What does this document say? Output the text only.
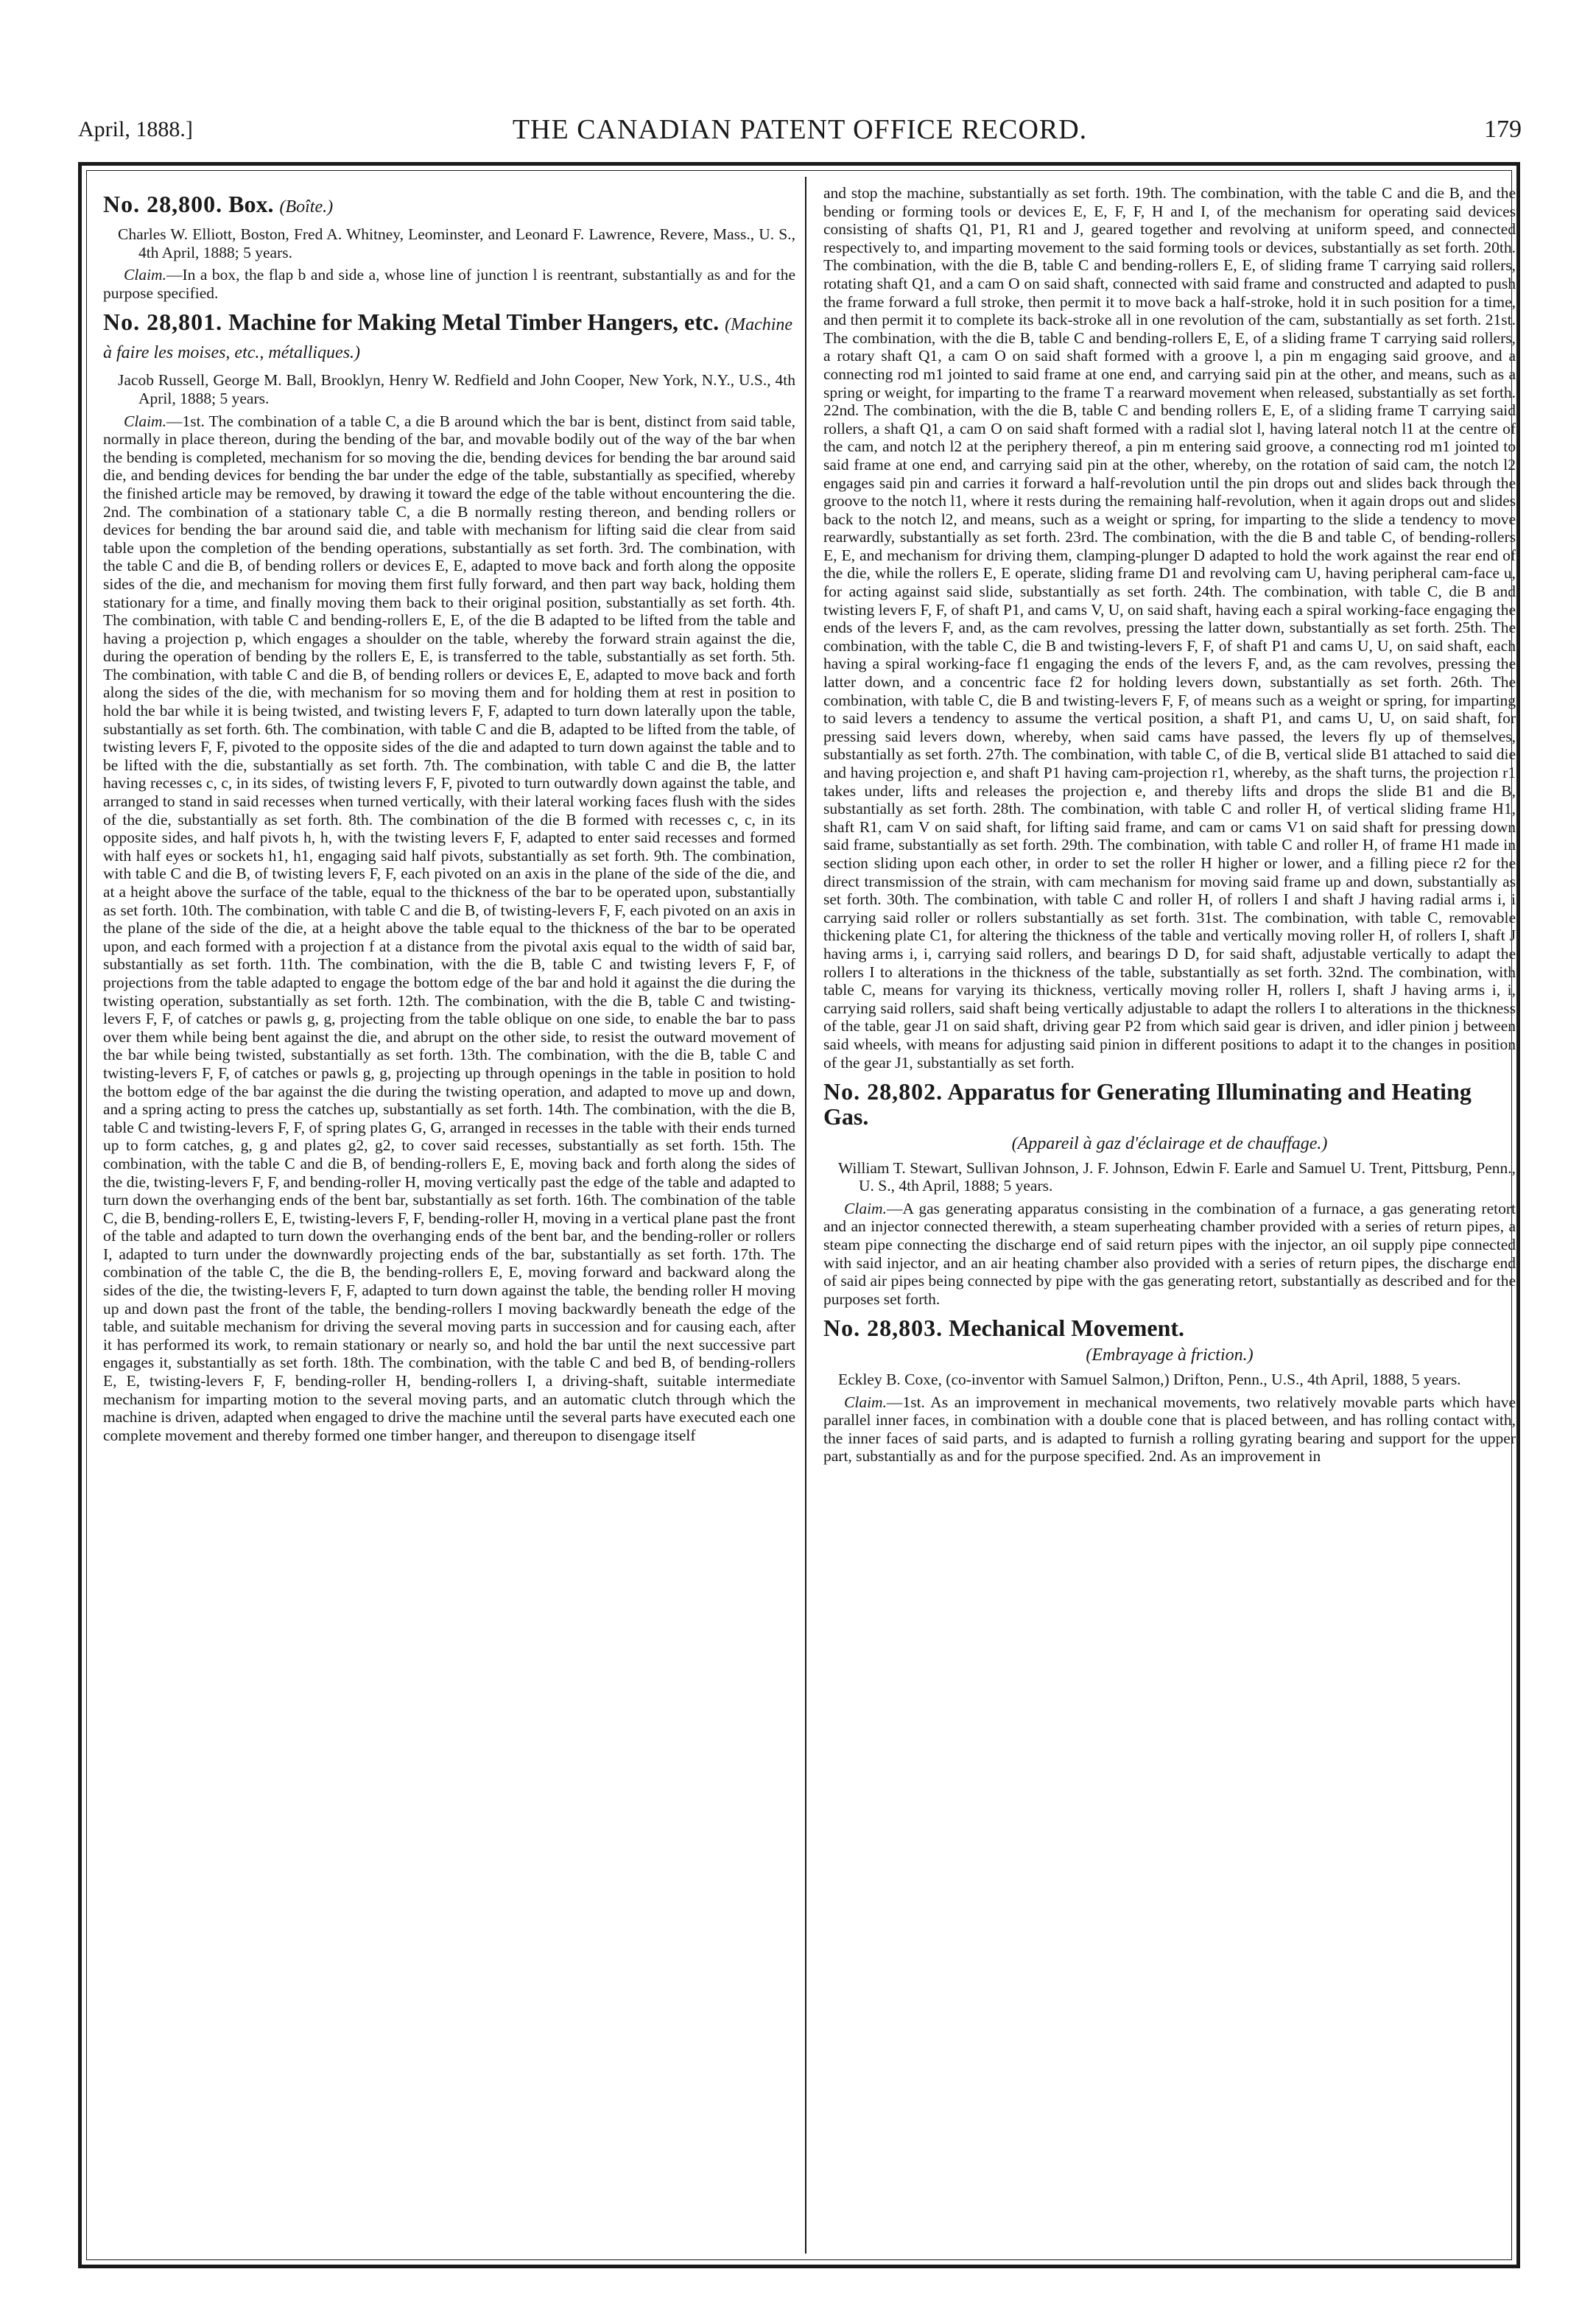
April, 1888.]	THE CANADIAN PATENT OFFICE RECORD.	179
No. 28,800. Box. (Boîte.)

Charles W. Elliott, Boston, Fred A. Whitney, Leominster, and Leonard F. Lawrence, Revere, Mass., U. S., 4th April, 1888; 5 years.

Claim.—In a box, the flap b and side a, whose line of junction l is reentrant, substantially as and for the purpose specified.

No. 28,801. Machine for Making Metal Timber Hangers, etc. (Machine à faire les moises, etc., métalliques.)

Jacob Russell, George M. Ball, Brooklyn, Henry W. Redfield and John Cooper, New York, N.Y., U.S., 4th April, 1888; 5 years.

Claim.—1st. The combination of a table C, a die B around which the bar is bent, distinct from said table, normally in place thereon, during the bending of the bar, and movable bodily out of the way of the bar when the bending is completed, mechanism for so moving the die, bending devices for bending the bar around said die, and bending devices for bending the bar under the edge of the table, substantially as specified, whereby the finished article may be removed, by drawing it toward the edge of the table without encountering the die. 2nd. The combination of a stationary table C, a die B normally resting thereon, and bending rollers or devices for bending the bar around said die, and table with mechanism for lifting said die clear from said table upon the completion of the bending operations, substantially as set forth. 3rd. The combination, with the table C and die B, of bending rollers or devices E, E, adapted to move back and forth along the opposite sides of the die, and mechanism for moving them first fully forward, and then part way back, holding them stationary for a time, and finally moving them back to their original position, substantially as set forth. 4th. The combination, with table C and bending-rollers E, E, of the die B adapted to be lifted from the table and having a projection p, which engages a shoulder on the table, whereby the forward strain against the die, during the operation of bending by the rollers E, E, is transferred to the table, substantially as set forth. 5th. The combination, with table C and die B, of bending rollers or devices E, E, adapted to move back and forth along the sides of the die, with mechanism for so moving them and for holding them at rest in position to hold the bar while it is being twisted, and twisting levers F, F, adapted to turn down laterally upon the table, substantially as set forth. 6th. The combination, with table C and die B, adapted to be lifted from the table, of twisting levers F, F, pivoted to the opposite sides of the die and adapted to turn down against the table and to be lifted with the die, substantially as set forth. 7th. The combination, with table C and die B, the latter having recesses c, c, in its sides, of twisting levers F, F, pivoted to turn outwardly down against the table, and arranged to stand in said recesses when turned vertically, with their lateral working faces flush with the sides of the die, substantially as set forth. 8th. The combination of the die B formed with recesses c, c, in its opposite sides, and half pivots h, h, with the twisting levers F, F, adapted to enter said recesses and formed with half eyes or sockets h1, h1, engaging said half pivots, substantially as set forth. 9th. The combination, with table C and die B, of twisting levers F, F, each pivoted on an axis in the plane of the side of the die, and at a height above the surface of the table, equal to the thickness of the bar to be operated upon, substantially as set forth. 10th. The combination, with table C and die B, of twisting-levers F, F, each pivoted on an axis in the plane of the side of the die, at a height above the table equal to the thickness of the bar to be operated upon, and each formed with a projection f at a distance from the pivotal axis equal to the width of said bar, substantially as set forth. 11th. The combination, with the die B, table C and twisting levers F, F, of projections from the table adapted to engage the bottom edge of the bar and hold it against the die during the twisting operation, substantially as set forth. 12th. The combination, with the die B, table C and twisting-levers F, F, of catches or pawls g, g, projecting from the table oblique on one side, to enable the bar to pass over them while being bent against the die, and abrupt on the other side, to resist the outward movement of the bar while being twisted, substantially as set forth. 13th. The combination, with the die B, table C and twisting-levers F, F, of catches or pawls g, g, projecting up through openings in the table in position to hold the bottom edge of the bar against the die during the twisting operation, and adapted to move up and down, and a spring acting to press the catches up, substantially as set forth. 14th. The combination, with the die B, table C and twisting-levers F, F, of spring plates G, G, arranged in recesses in the table with their ends turned up to form catches, g, g and plates g2, g2, to cover said recesses, substantially as set forth. 15th. The combination, with the table C and die B, of bending-rollers E, E, moving back and forth along the sides of the die, twisting-levers F, F, and bending-roller H, moving vertically past the edge of the table and adapted to turn down the overhanging ends of the bent bar, substantially as set forth. 16th. The combination of the table C, die B, bending-rollers E, E, twisting-levers F, F, bending-roller H, moving in a vertical plane past the front of the table and adapted to turn down the overhanging ends of the bent bar, and the bending-roller or rollers I, adapted to turn under the downwardly projecting ends of the bar, substantially as set forth. 17th. The combination of the table C, the die B, the bending-rollers E, E, moving forward and backward along the sides of the die, the twisting-levers F, F, adapted to turn down against the table, the bending roller H moving up and down past the front of the table, the bending-rollers I moving backwardly beneath the edge of the table, and suitable mechanism for driving the several moving parts in succession and for causing each, after it has performed its work, to remain stationary or nearly so, and hold the bar until the next successive part engages it, substantially as set forth. 18th. The combination, with the table C and bed B, of bending-rollers E, E, twisting-levers F, F, bending-roller H, bending-rollers I, a driving-shaft, suitable intermediate mechanism for imparting motion to the several moving parts, and an automatic clutch through which the machine is driven, adapted when engaged to drive the machine until the several parts have executed each one complete movement and thereby formed one timber hanger, and thereupon to disengage itself

and stop the machine, substantially as set forth. 19th. The combination, with the table C and die B, and the bending or forming tools or devices E, E, F, F, H and I, of the mechanism for operating said devices consisting of shafts Q1, P1, R1 and J, geared together and revolving at uniform speed, and connected respectively to, and imparting movement to the said forming tools or devices, substantially as set forth. 20th. The combination, with the die B, table C and bending-rollers E, E, of sliding frame T carrying said rollers, rotating shaft Q1, and a cam O on said shaft, connected with said frame and constructed and adapted to push the frame forward a full stroke, then permit it to move back a half-stroke, hold it in such position for a time, and then permit it to complete its back-stroke all in one revolution of the cam, substantially as set forth. 21st. The combination, with the die B, table C and bending-rollers E, E, of a sliding frame T carrying said rollers, a rotary shaft Q1, a cam O on said shaft formed with a groove l, a pin m engaging said groove, and a connecting rod m1 jointed to said frame at one end, and carrying said pin at the other, and means, such as a spring or weight, for imparting to the frame T a rearward movement when released, substantially as set forth. 22nd. The combination, with the die B, table C and bending rollers E, E, of a sliding frame T carrying said rollers, a shaft Q1, a cam O on said shaft formed with a radial slot l, having lateral notch l1 at the centre of the cam, and notch l2 at the periphery thereof, a pin m entering said groove, a connecting rod m1 jointed to said frame at one end, and carrying said pin at the other, whereby, on the rotation of said cam, the notch l2 engages said pin and carries it forward a half-revolution until the pin drops out and slides back through the groove to the notch l1, where it rests during the remaining half-revolution, when it again drops out and slides back to the notch l2, and means, such as a weight or spring, for imparting to the slide a tendency to move rearwardly, substantially as set forth. 23rd. The combination, with the die B and table C, of bending-rollers E, E, and mechanism for driving them, clamping-plunger D adapted to hold the work against the rear end of the die, while the rollers E, E operate, sliding frame D1 and revolving cam U, having peripheral cam-face u, for acting against said slide, substantially as set forth. 24th. The combination, with table C, die B and twisting levers F, F, of shaft P1, and cams V, U, on said shaft, having each a spiral working-face engaging the ends of the levers F, and, as the cam revolves, pressing the latter down, substantially as set forth. 25th. The combination, with the table C, die B and twisting-levers F, F, of shaft P1 and cams U, U, on said shaft, each having a spiral working-face f1 engaging the ends of the levers F, and, as the cam revolves, pressing the latter down, and a concentric face f2 for holding levers down, substantially as set forth. 26th. The combination, with table C, die B and twisting-levers F, F, of means such as a weight or spring, for imparting to said levers a tendency to assume the vertical position, a shaft P1, and cams U, U, on said shaft, for pressing said levers down, whereby, when said cams have passed, the levers fly up of themselves, substantially as set forth. 27th. The combination, with table C, of die B, vertical slide B1 attached to said die and having projection e, and shaft P1 having cam-projection r1, whereby, as the shaft turns, the projection r1 takes under, lifts and releases the projection e, and thereby lifts and drops the slide B1 and die B, substantially as set forth. 28th. The combination, with table C and roller H, of vertical sliding frame H1, shaft R1, cam V on said shaft, for lifting said frame, and cam or cams V1 on said shaft for pressing down said frame, substantially as set forth. 29th. The combination, with table C and roller H, of frame H1 made in section sliding upon each other, in order to set the roller H higher or lower, and a filling piece r2 for the direct transmission of the strain, with cam mechanism for moving said frame up and down, substantially as set forth. 30th. The combination, with table C and roller H, of rollers I and shaft J having radial arms i, i carrying said roller or rollers substantially as set forth. 31st. The combination, with table C, removable thickening plate C1, for altering the thickness of the table and vertically moving roller H, of rollers I, shaft J having arms i, i, carrying said rollers, and bearings D D, for said shaft, adjustable vertically to adapt the rollers I to alterations in the thickness of the table, substantially as set forth. 32nd. The combination, with table C, means for varying its thickness, vertically moving roller H, rollers I, shaft J having arms i, i, carrying said rollers, said shaft being vertically adjustable to adapt the rollers I to alterations in the thickness of the table, gear J1 on said shaft, driving gear P2 from which said gear is driven, and idler pinion j between said wheels, with means for adjusting said pinion in different positions to adapt it to the changes in position of the gear J1, substantially as set forth.

No. 28,802. Apparatus for Generating Illuminating and Heating Gas.
(Appareil à gaz d'éclairage et de chauffage.)

William T. Stewart, Sullivan Johnson, J. F. Johnson, Edwin F. Earle and Samuel U. Trent, Pittsburg, Penn., U. S., 4th April, 1888; 5 years.

Claim.—A gas generating apparatus consisting in the combination of a furnace, a gas generating retort and an injector connected therewith, a steam superheating chamber provided with a series of return pipes, a steam pipe connecting the discharge end of said return pipes with the injector, an oil supply pipe connected with said injector, and an air heating chamber also provided with a series of return pipes, the discharge end of said air pipes being connected by pipe with the gas generating retort, substantially as described and for the purposes set forth.

No. 28,803. Mechanical Movement.
(Embrayage à friction.)

Eckley B. Coxe, (co-inventor with Samuel Salmon,) Drifton, Penn., U.S., 4th April, 1888, 5 years.

Claim.—1st. As an improvement in mechanical movements, two relatively movable parts which have parallel inner faces, in combination with a double cone that is placed between, and has rolling contact with, the inner faces of said parts, and is adapted to furnish a rolling gyrating bearing and support for the upper part, substantially as and for the purpose specified. 2nd. As an improvement in
